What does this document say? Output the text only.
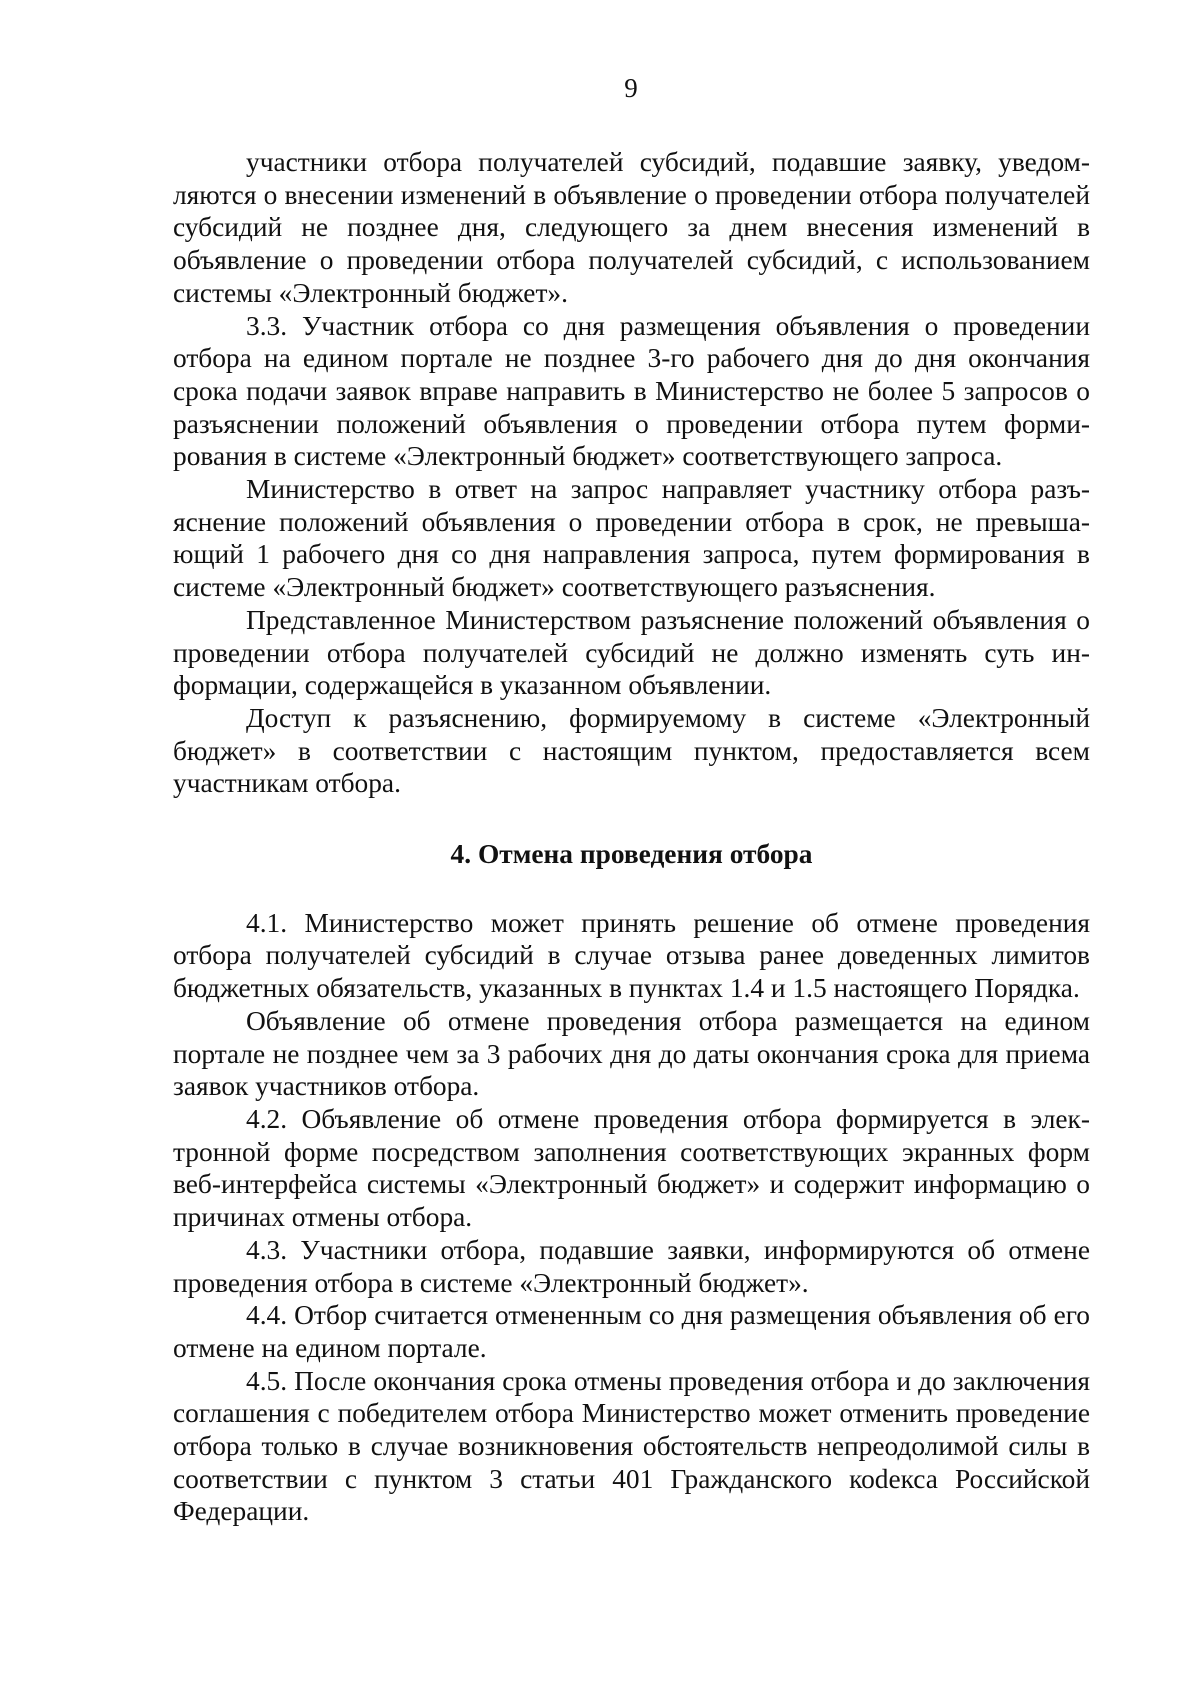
9

участники отбора получателей субсидий, подавшие заявку, уведомляются о внесении изменений в объявление о проведении отбора получателей субсидий не позднее дня, следующего за днем внесения изменений в объявление о проведении отбора получателей субсидий, с использованием системы «Электронный бюджет».

3.3. Участник отбора со дня размещения объявления о проведении отбора на едином портале не позднее 3-го рабочего дня до дня окончания срока подачи заявок вправе направить в Министерство не более 5 запросов о разъяснении положений объявления о проведении отбора путем формирования в системе «Электронный бюджет» соответствующего запроса.

Министерство в ответ на запрос направляет участнику отбора разъяснение положений объявления о проведении отбора в срок, не превышающий 1 рабочего дня со дня направления запроса, путем формирования в системе «Электронный бюджет» соответствующего разъяснения.

Представленное Министерством разъяснение положений объявления о проведении отбора получателей субсидий не должно изменять суть информации, содержащейся в указанном объявлении.

Доступ к разъяснению, формируемому в системе «Электронный бюджет» в соответствии с настоящим пунктом, предоставляется всем участникам отбора.

4. Отмена проведения отбора

4.1. Министерство может принять решение об отмене проведения отбора получателей субсидий в случае отзыва ранее доведенных лимитов бюджетных обязательств, указанных в пунктах 1.4 и 1.5 настоящего Порядка.

Объявление об отмене проведения отбора размещается на едином портале не позднее чем за 3 рабочих дня до даты окончания срока для приема заявок участников отбора.

4.2. Объявление об отмене проведения отбора формируется в электронной форме посредством заполнения соответствующих экранных форм веб-интерфейса системы «Электронный бюджет» и содержит информацию о причинах отмены отбора.

4.3. Участники отбора, подавшие заявки, информируются об отмене проведения отбора в системе «Электронный бюджет».

4.4. Отбор считается отмененным со дня размещения объявления об его отмене на едином портале.

4.5. После окончания срока отмены проведения отбора и до заключения соглашения с победителем отбора Министерство может отменить проведение отбора только в случае возникновения обстоятельств непреодолимой силы в соответствии с пунктом 3 статьи 401 Гражданского коdекса Российской Федерации.
